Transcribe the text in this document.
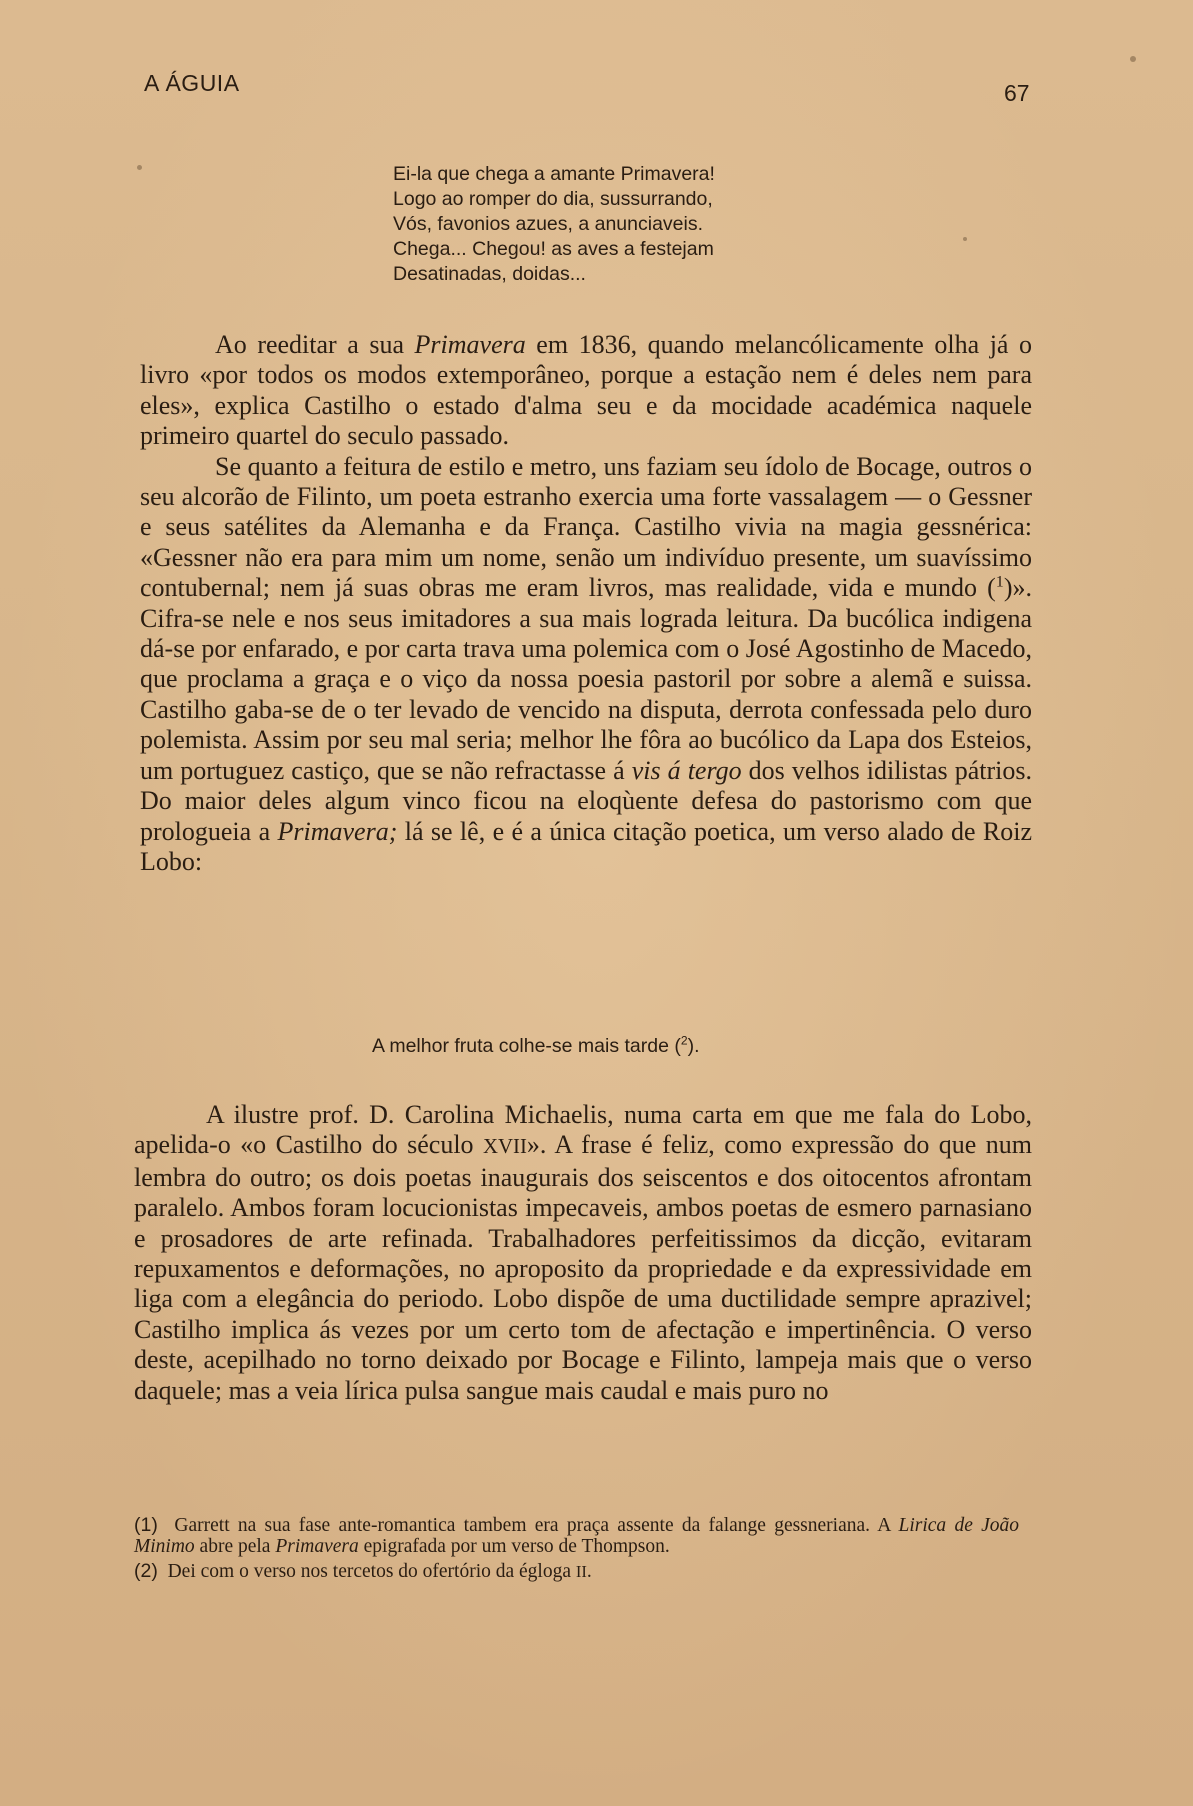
A ÁGUIA	67
Ei-la que chega a amante Primavera!
Logo ao romper do dia, sussurrando,
Vós, favonios azues, a anunciaveis.
Chega... Chegou! as aves a festejam
Desatinadas, doidas...

Ao reeditar a sua Primavera em 1836, quando melancólicamente olha já o livro «por todos os modos extemporâneo, porque a estação nem é deles nem para eles», explica Castilho o estado d'alma seu e da mocidade académica naquele primeiro quartel do seculo passado.

Se quanto a feitura de estilo e metro, uns faziam seu ídolo de Bocage, outros o seu alcorão de Filinto, um poeta estranho exercia uma forte vassalagem — o Gessner e seus satélites da Alemanha e da França. Castilho vivia na magia gessnérica: «Gessner não era para mim um nome, senão um indivíduo presente, um suavíssimo contubernal; nem já suas obras me eram livros, mas realidade, vida e mundo ($^1$)». Cifra-se nele e nos seus imitadores a sua mais lograda leitura. Da bucólica indigena dá-se por enfarado, e por carta trava uma polemica com o José Agostinho de Macedo, que proclama a graça e o viço da nossa poesia pastoril por sobre a alemã e suissa. Castilho gaba-se de o ter levado de vencido na disputa, derrota confessada pelo duro polemista. Assim por seu mal seria; melhor lhe fôra ao bucólico da Lapa dos Esteios, um portuguez castiço, que se não refractasse á vis á tergo dos velhos idilistas pátrios. Do maior deles algum vinco ficou na eloqùente defesa do pastorismo com que prologueia a Primavera; lá se lê, e é a única citação poetica, um verso alado de Roiz Lobo:

A melhor fruta colhe-se mais tarde ($^2$).

A ilustre prof. D. Carolina Michaelis, numa carta em que me fala do Lobo, apelida-o «o Castilho do século XVII». A frase é feliz, como expressão do que num lembra do outro; os dois poetas inaugurais dos seiscentos e dos oitocentos afrontam paralelo. Ambos foram locucionistas impecaveis, ambos poetas de esmero parnasiano e prosadores de arte refinada. Trabalhadores perfeitissimos da dicção, evitaram repuxamentos e deformações, no aproposito da propriedade e da expressividade em liga com a elegância do periodo. Lobo dispõe de uma ductilidade sempre aprazivel; Castilho implica ás vezes por um certo tom de afectação e impertinência. O verso deste, acepilhado no torno deixado por Bocage e Filinto, lampeja mais que o verso daquele; mas a veia lírica pulsa sangue mais caudal e mais puro no

(1) Garrett na sua fase ante-romantica tambem era praça assente da falange gessneriana. A Lirica de João Minimo abre pela Primavera epigrafada por um verso de Thompson.

(2) Dei com o verso nos tercetos do ofertório da égloga II.
